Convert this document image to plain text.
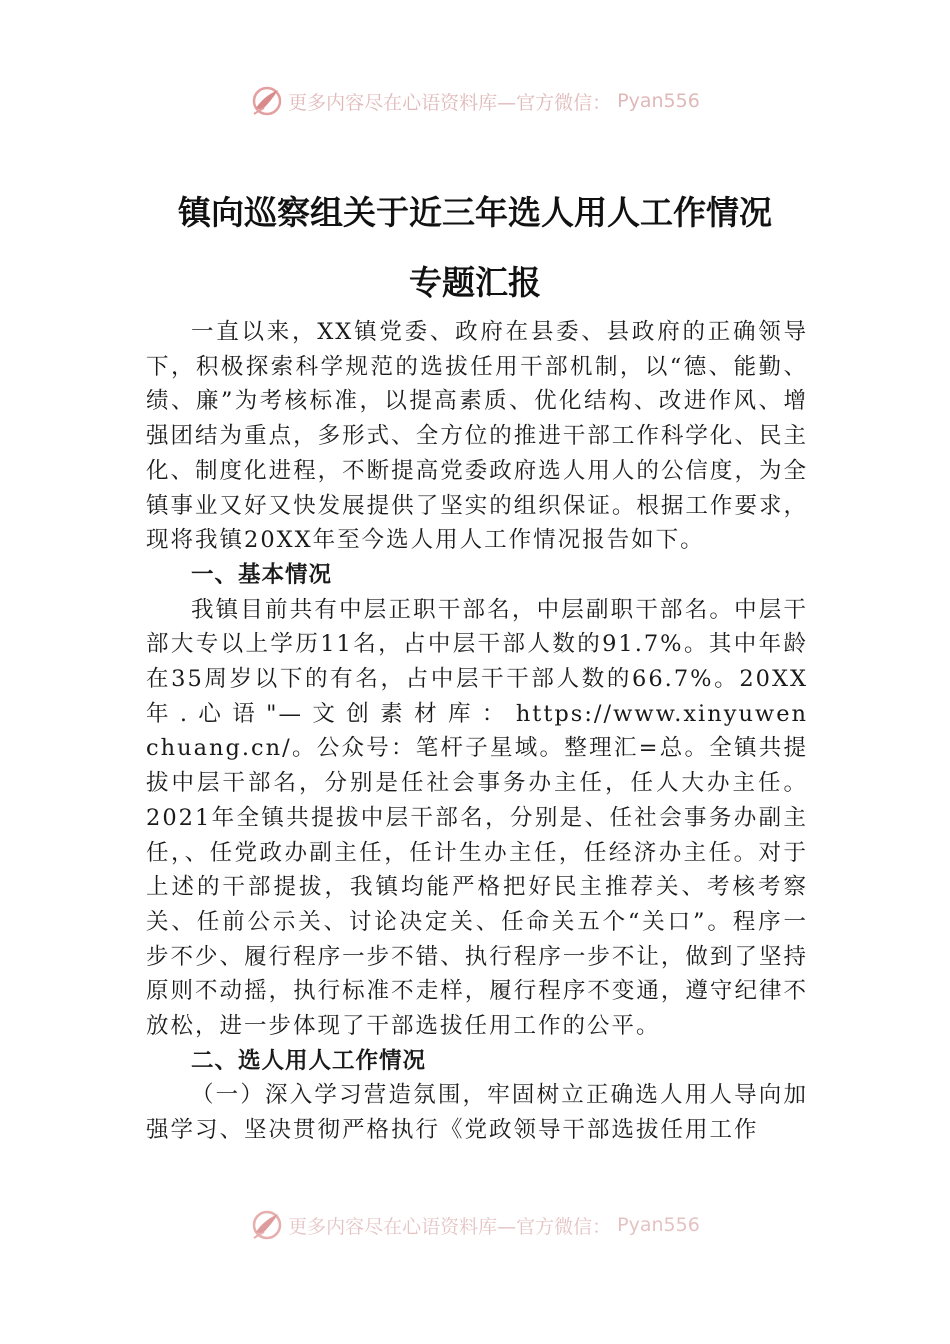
更多内容尽在心语资料库—官方微信： Pyan556
镇向巡察组关于近三年选人用人工作情况
专题汇报

一直以来，XX镇党委、政府在县委、县政府的正确领导下，积极探索科学规范的选拔任用干部机制，以“德、能勤、绩、廉”为考核标准，以提高素质、优化结构、改进作风、增强团结为重点，多形式、全方位的推进干部工作科学化、民主化、制度化进程，不断提高党委政府选人用人的公信度，为全镇事业又好又快发展提供了坚实的组织保证。根据工作要求，现将我镇20XX年至今选人用人工作情况报告如下。

一、基本情况

我镇目前共有中层正职干部名，中层副职干部名。中层干部大专以上学历11名，占中层干部人数的91.7%。其中年龄在35周岁以下的有名，占中层干干部人数的66.7%。20XX 年 . 心 语 "— 文 创 素 材 库 ： https://www.xinyuwenchuang.cn/。公众号：笔杆子星域。整理汇=总。全镇共提拔中层干部名，分别是任社会事务办主任，任人大办主任。2021年全镇共提拔中层干部名，分别是、任社会事务办副主任，、任党政办副主任，任计生办主任，任经济办主任。对于上述的干部提拔，我镇均能严格把好民主推荐关、考核考察关、任前公示关、讨论决定关、任命关五个“关口”。程序一步不少、履行程序一步不错、执行程序一步不让，做到了坚持原则不动摇，执行标准不走样，履行程序不变通，遵守纪律不放松，进一步体现了干部选拔任用工作的公平。

二、选人用人工作情况

（一）深入学习营造氛围，牢固树立正确选人用人导向加强学习、坚决贯彻严格执行《党政领导干部选拔任用工作

更多内容尽在心语资料库—官方微信： Pyan556
